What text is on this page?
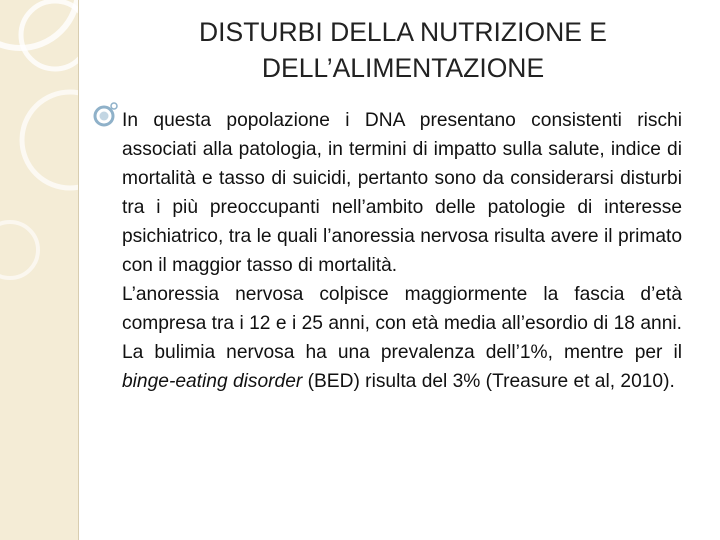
DISTURBI DELLA NUTRIZIONE E
DELL’ALIMENTAZIONE

In questa popolazione i DNA presentano consistenti rischi associati alla patologia, in termini di impatto sulla salute, indice di mortalità e tasso di suicidi, pertanto sono da considerarsi disturbi tra i più preoccupanti nell’ambito delle patologie di interesse psichiatrico, tra le quali l’anoressia nervosa risulta avere il primato con il maggior tasso di mortalità.

L’anoressia nervosa colpisce maggiormente la fascia d’età compresa tra i 12 e i 25 anni, con età media all’esordio di 18 anni. La bulimia nervosa ha una prevalenza dell’1%, mentre per il binge-eating disorder (BED) risulta del 3% (Treasure et al, 2010).
